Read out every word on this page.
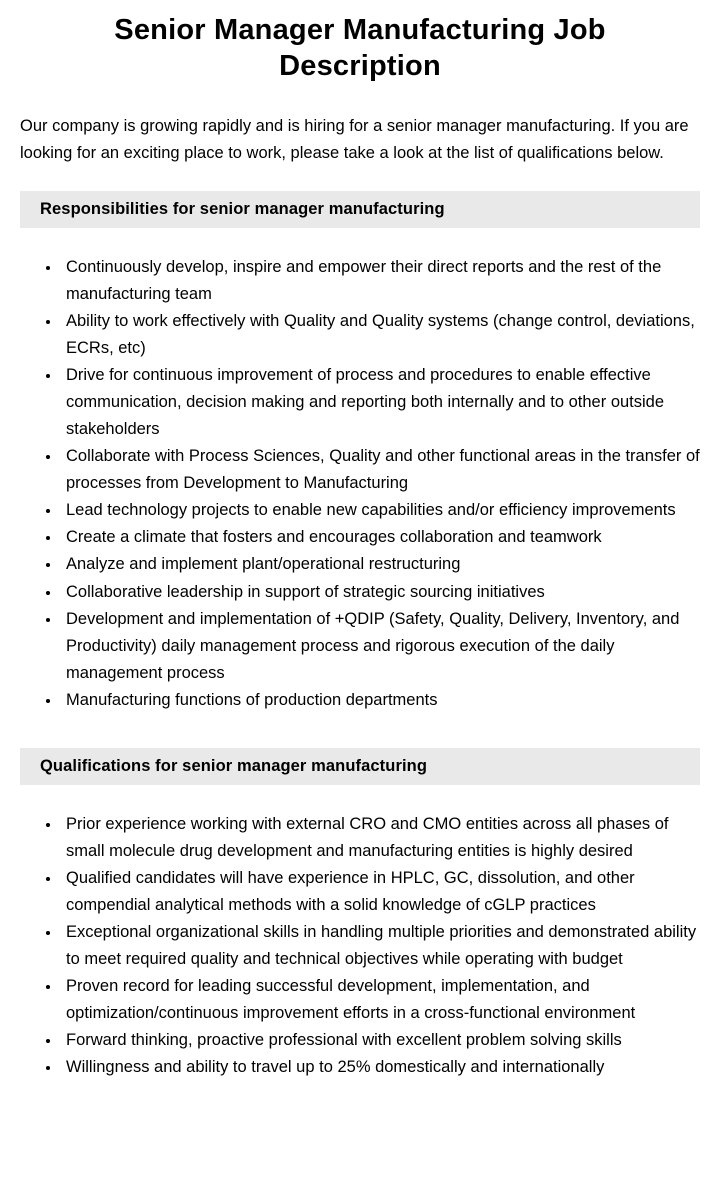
Senior Manager Manufacturing Job Description

Our company is growing rapidly and is hiring for a senior manager manufacturing. If you are looking for an exciting place to work, please take a look at the list of qualifications below.

Responsibilities for senior manager manufacturing
• Continuously develop, inspire and empower their direct reports and the rest of the manufacturing team
• Ability to work effectively with Quality and Quality systems (change control, deviations, ECRs, etc)
• Drive for continuous improvement of process and procedures to enable effective communication, decision making and reporting both internally and to other outside stakeholders
• Collaborate with Process Sciences, Quality and other functional areas in the transfer of processes from Development to Manufacturing
• Lead technology projects to enable new capabilities and/or efficiency improvements
• Create a climate that fosters and encourages collaboration and teamwork
• Analyze and implement plant/operational restructuring
• Collaborative leadership in support of strategic sourcing initiatives
• Development and implementation of +QDIP (Safety, Quality, Delivery, Inventory, and Productivity) daily management process and rigorous execution of the daily management process
• Manufacturing functions of production departments
Qualifications for senior manager manufacturing
• Prior experience working with external CRO and CMO entities across all phases of small molecule drug development and manufacturing entities is highly desired
• Qualified candidates will have experience in HPLC, GC, dissolution, and other compendial analytical methods with a solid knowledge of cGLP practices
• Exceptional organizational skills in handling multiple priorities and demonstrated ability to meet required quality and technical objectives while operating with budget
• Proven record for leading successful development, implementation, and optimization/continuous improvement efforts in a cross-functional environment
• Forward thinking, proactive professional with excellent problem solving skills
• Willingness and ability to travel up to 25% domestically and internationally
